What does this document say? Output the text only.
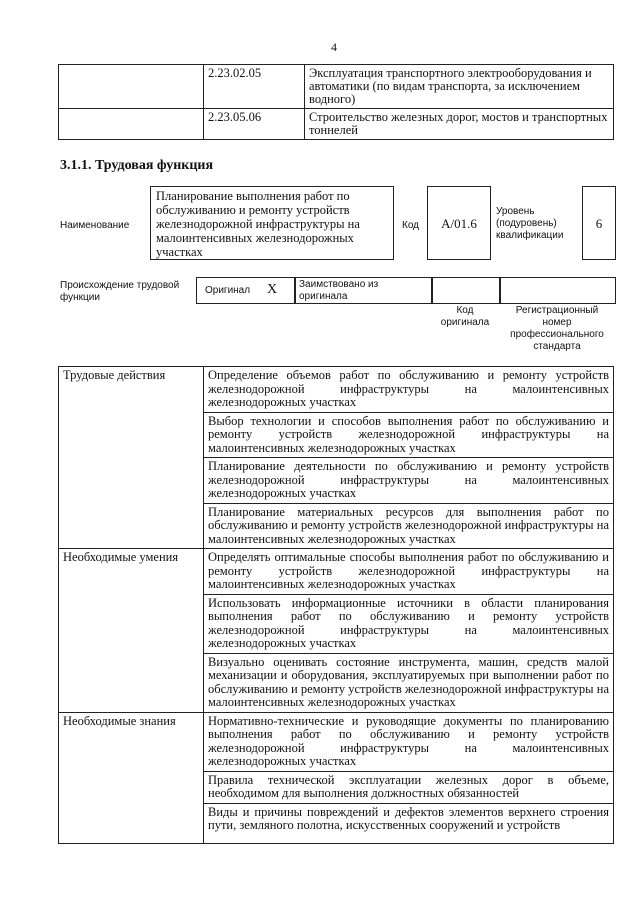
4
	2.23.02.05	Эксплуатация транспортного электрооборудования и автоматики (по видам транспорта, за исключением водного)
	2.23.05.06	Строительство железных дорог, мостов и транспортных тоннелей
3.1.1. Трудовая функция
Наименование
Планирование выполнения работ по обслуживанию и ремонту устройств железнодорожной инфраструктуры на малоинтенсивных железнодорожных участках
Код	A/01.6
Уровень (подуровень) квалификации
6
Происхождение трудовой функции
Оригинал X Заимствовано из оригинала
Код оригинала
Регистрационный номер профессионального стандарта
Трудовые действия	Определение объемов работ по обслуживанию и ремонту устройств железнодорожной инфраструктуры на малоинтенсивных железнодорожных участках
	Выбор технологии и способов выполнения работ по обслуживанию и ремонту устройств железнодорожной инфраструктуры на малоинтенсивных железнодорожных участках
	Планирование деятельности по обслуживанию и ремонту устройств железнодорожной инфраструктуры на малоинтенсивных железнодорожных участках
	Планирование материальных ресурсов для выполнения работ по обслуживанию и ремонту устройств железнодорожной инфраструктуры на малоинтенсивных железнодорожных участках
Необходимые умения	Определять оптимальные способы выполнения работ по обслуживанию и ремонту устройств железнодорожной инфраструктуры на малоинтенсивных железнодорожных участках
	Использовать информационные источники в области планирования выполнения работ по обслуживанию и ремонту устройств железнодорожной инфраструктуры на малоинтенсивных железнодорожных участках
	Визуально оценивать состояние инструмента, машин, средств малой механизации и оборудования, эксплуатируемых при выполнении работ по обслуживанию и ремонту устройств железнодорожной инфраструктуры на малоинтенсивных железнодорожных участках
Необходимые знания	Нормативно-технические и руководящие документы по планированию выполнения работ по обслуживанию и ремонту устройств железнодорожной инфраструктуры на малоинтенсивных железнодорожных участках
	Правила технической эксплуатации железных дорог в объеме, необходимом для выполнения должностных обязанностей
	Виды и причины повреждений и дефектов элементов верхнего строения пути, земляного полотна, искусственных сооружений и устройств
